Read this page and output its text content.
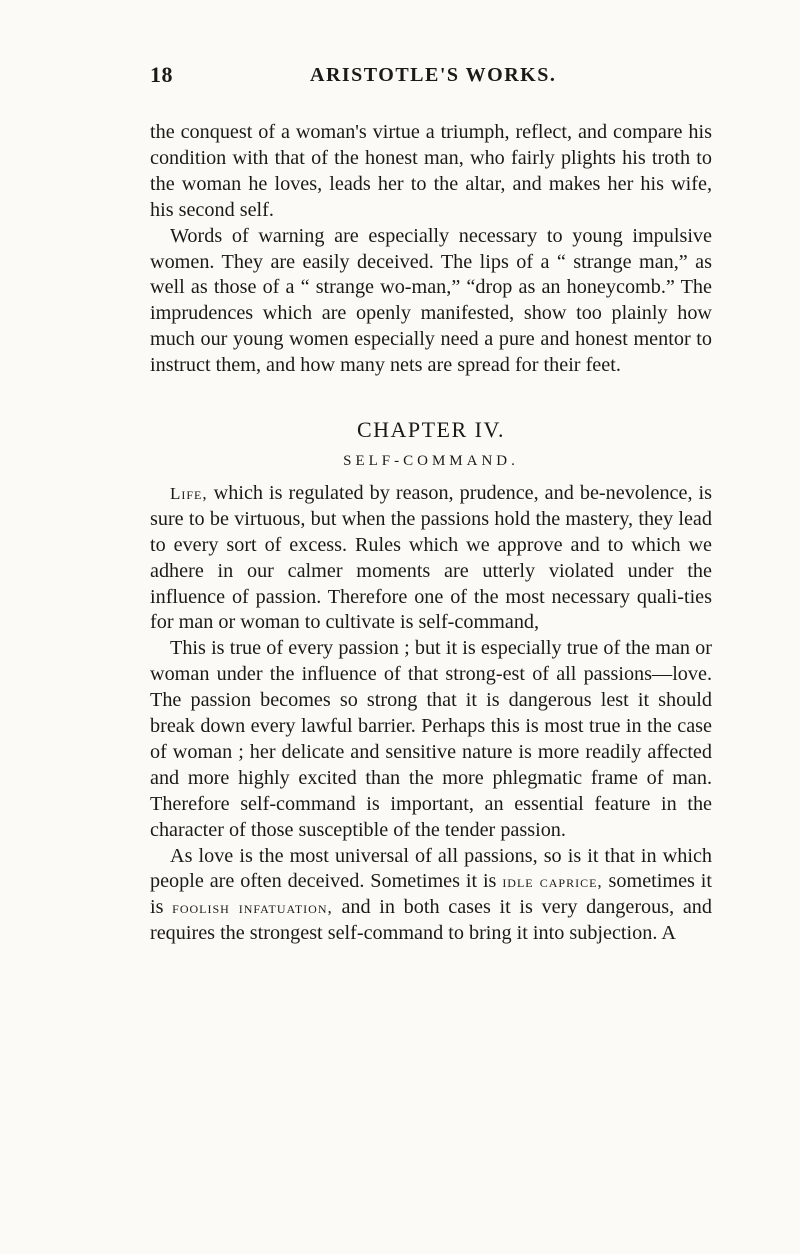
18	ARISTOTLE'S WORKS.

the conquest of a woman's virtue a triumph, reflect, and compare his condition with that of the honest man, who fairly plights his troth to the woman he loves, leads her to the altar, and makes her his wife, his second self.

Words of warning are especially necessary to young impulsive women. They are easily deceived. The lips of a “ strange man,” as well as those of a “ strange wo-man,” “drop as an honeycomb.” The imprudences which are openly manifested, show too plainly how much our young women especially need a pure and honest mentor to instruct them, and how many nets are spread for their feet.

CHAPTER IV.
SELF-COMMAND.

Life, which is regulated by reason, prudence, and be-nevolence, is sure to be virtuous, but when the passions hold the mastery, they lead to every sort of excess. Rules which we approve and to which we adhere in our calmer moments are utterly violated under the influence of passion. Therefore one of the most necessary quali-ties for man or woman to cultivate is self-command,

This is true of every passion ; but it is especially true of the man or woman under the influence of that strong-est of all passions—love. The passion becomes so strong that it is dangerous lest it should break down every lawful barrier. Perhaps this is most true in the case of woman ; her delicate and sensitive nature is more readily affected and more highly excited than the more phlegmatic frame of man. Therefore self-command is important, an essential feature in the character of those susceptible of the tender passion.

As love is the most universal of all passions, so is it that in which people are often deceived. Sometimes it is idle caprice, sometimes it is foolish infatuation, and in both cases it is very dangerous, and requires the strongest self-command to bring it into subjection. A
